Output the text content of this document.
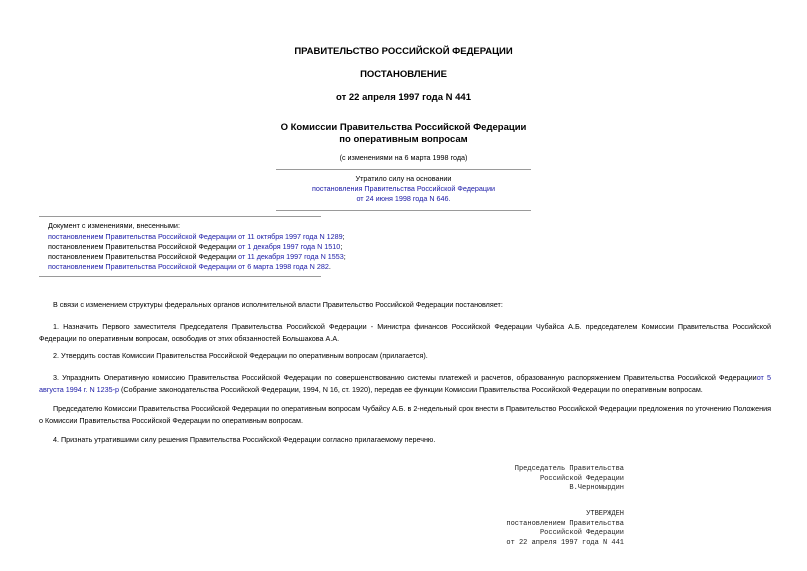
ПРАВИТЕЛЬСТВО РОССИЙСКОЙ ФЕДЕРАЦИИ
ПОСТАНОВЛЕНИЕ
от 22 апреля 1997 года N 441
О Комиссии Правительства Российской Федерации
по оперативным вопросам
(с изменениями на 6 марта 1998 года)
Утратило силу на основании
постановления Правительства Российской Федерации
от 24 июня 1998 года N 646.
Документ с изменениями, внесенными:
постановлением Правительства Российской Федерации от 11 октября 1997 года N 1289;
постановлением Правительства Российской Федерации от 1 декабря 1997 года N 1510;
постановлением Правительства Российской Федерации от 11 декабря 1997 года N 1553;
постановлением Правительства Российской Федерации от 6 марта 1998 года N 282.
В связи с изменением структуры федеральных органов исполнительной власти Правительство Российской Федерации постановляет:
1. Назначить Первого заместителя Председателя Правительства Российской Федерации - Министра финансов Российской Федерации Чубайса А.Б. председателем Комиссии Правительства Российской Федерации по оперативным вопросам, освободив от этих обязанностей Большакова А.А.
2. Утвердить состав Комиссии Правительства Российской Федерации по оперативным вопросам (прилагается).
3. Упразднить Оперативную комиссию Правительства Российской Федерации по совершенствованию системы платежей и расчетов, образованную распоряжением Правительства Российской Федерацииот 5 августа 1994 г. N 1235-р (Собрание законодательства Российской Федерации, 1994, N 16, ст. 1920), передав ее функции Комиссии Правительства Российской Федерации по оперативным вопросам.
Председателю Комиссии Правительства Российской Федерации по оперативным вопросам Чубайсу А.Б. в 2-недельный срок внести в Правительство Российской Федерации предложения по уточнению Положения о Комиссии Правительства Российской Федерации по оперативным вопросам.
4. Признать утратившими силу решения Правительства Российской Федерации согласно прилагаемому перечню.
Председатель Правительства
Российской Федерации
В.Черномырдин
УТВЕРЖДЕН
постановлением Правительства
Российской Федерации
от 22 апреля 1997 года N 441
